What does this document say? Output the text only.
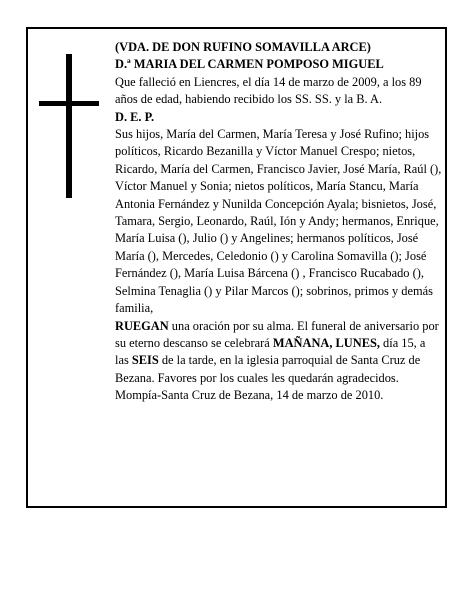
(VDA. DE DON RUFINO SOMAVILLA ARCE)

D.ª MARIA DEL CARMEN POMPOSO MIGUEL

Que falleció en Liencres, el día 14 de marzo de 2009, a los 89 años de edad, habiendo recibido los SS. SS. y la B. A.

D. E. P.

Sus hijos, María del Carmen, María Teresa y José Rufino; hijos políticos, Ricardo Bezanilla y Víctor Manuel Crespo; nietos, Ricardo, María del Carmen, Francisco Javier, José María, Raúl (), Víctor Manuel y Sonia; nietos políticos, María Stancu, María Antonia Fernández y Nunilda Concepción Ayala; bisnietos, José, Tamara, Sergio, Leonardo, Raúl, Ión y Andy; hermanos, Enrique, María Luisa (), Julio () y Angelines; hermanos políticos, José María (), Mercedes, Celedonio () y Carolina Somavilla (); José Fernández (), María Luisa Bárcena () , Francisco Rucabado (), Selmina Tenaglia () y Pilar Marcos (); sobrinos, primos y demás familia,

RUEGAN una oración por su alma. El funeral de aniversario por su eterno descanso se celebrará MAÑANA, LUNES, día 15, a las SEIS de la tarde, en la iglesia parroquial de Santa Cruz de Bezana. Favores por los cuales les quedarán agradecidos.

Mompía-Santa Cruz de Bezana, 14 de marzo de 2010.
